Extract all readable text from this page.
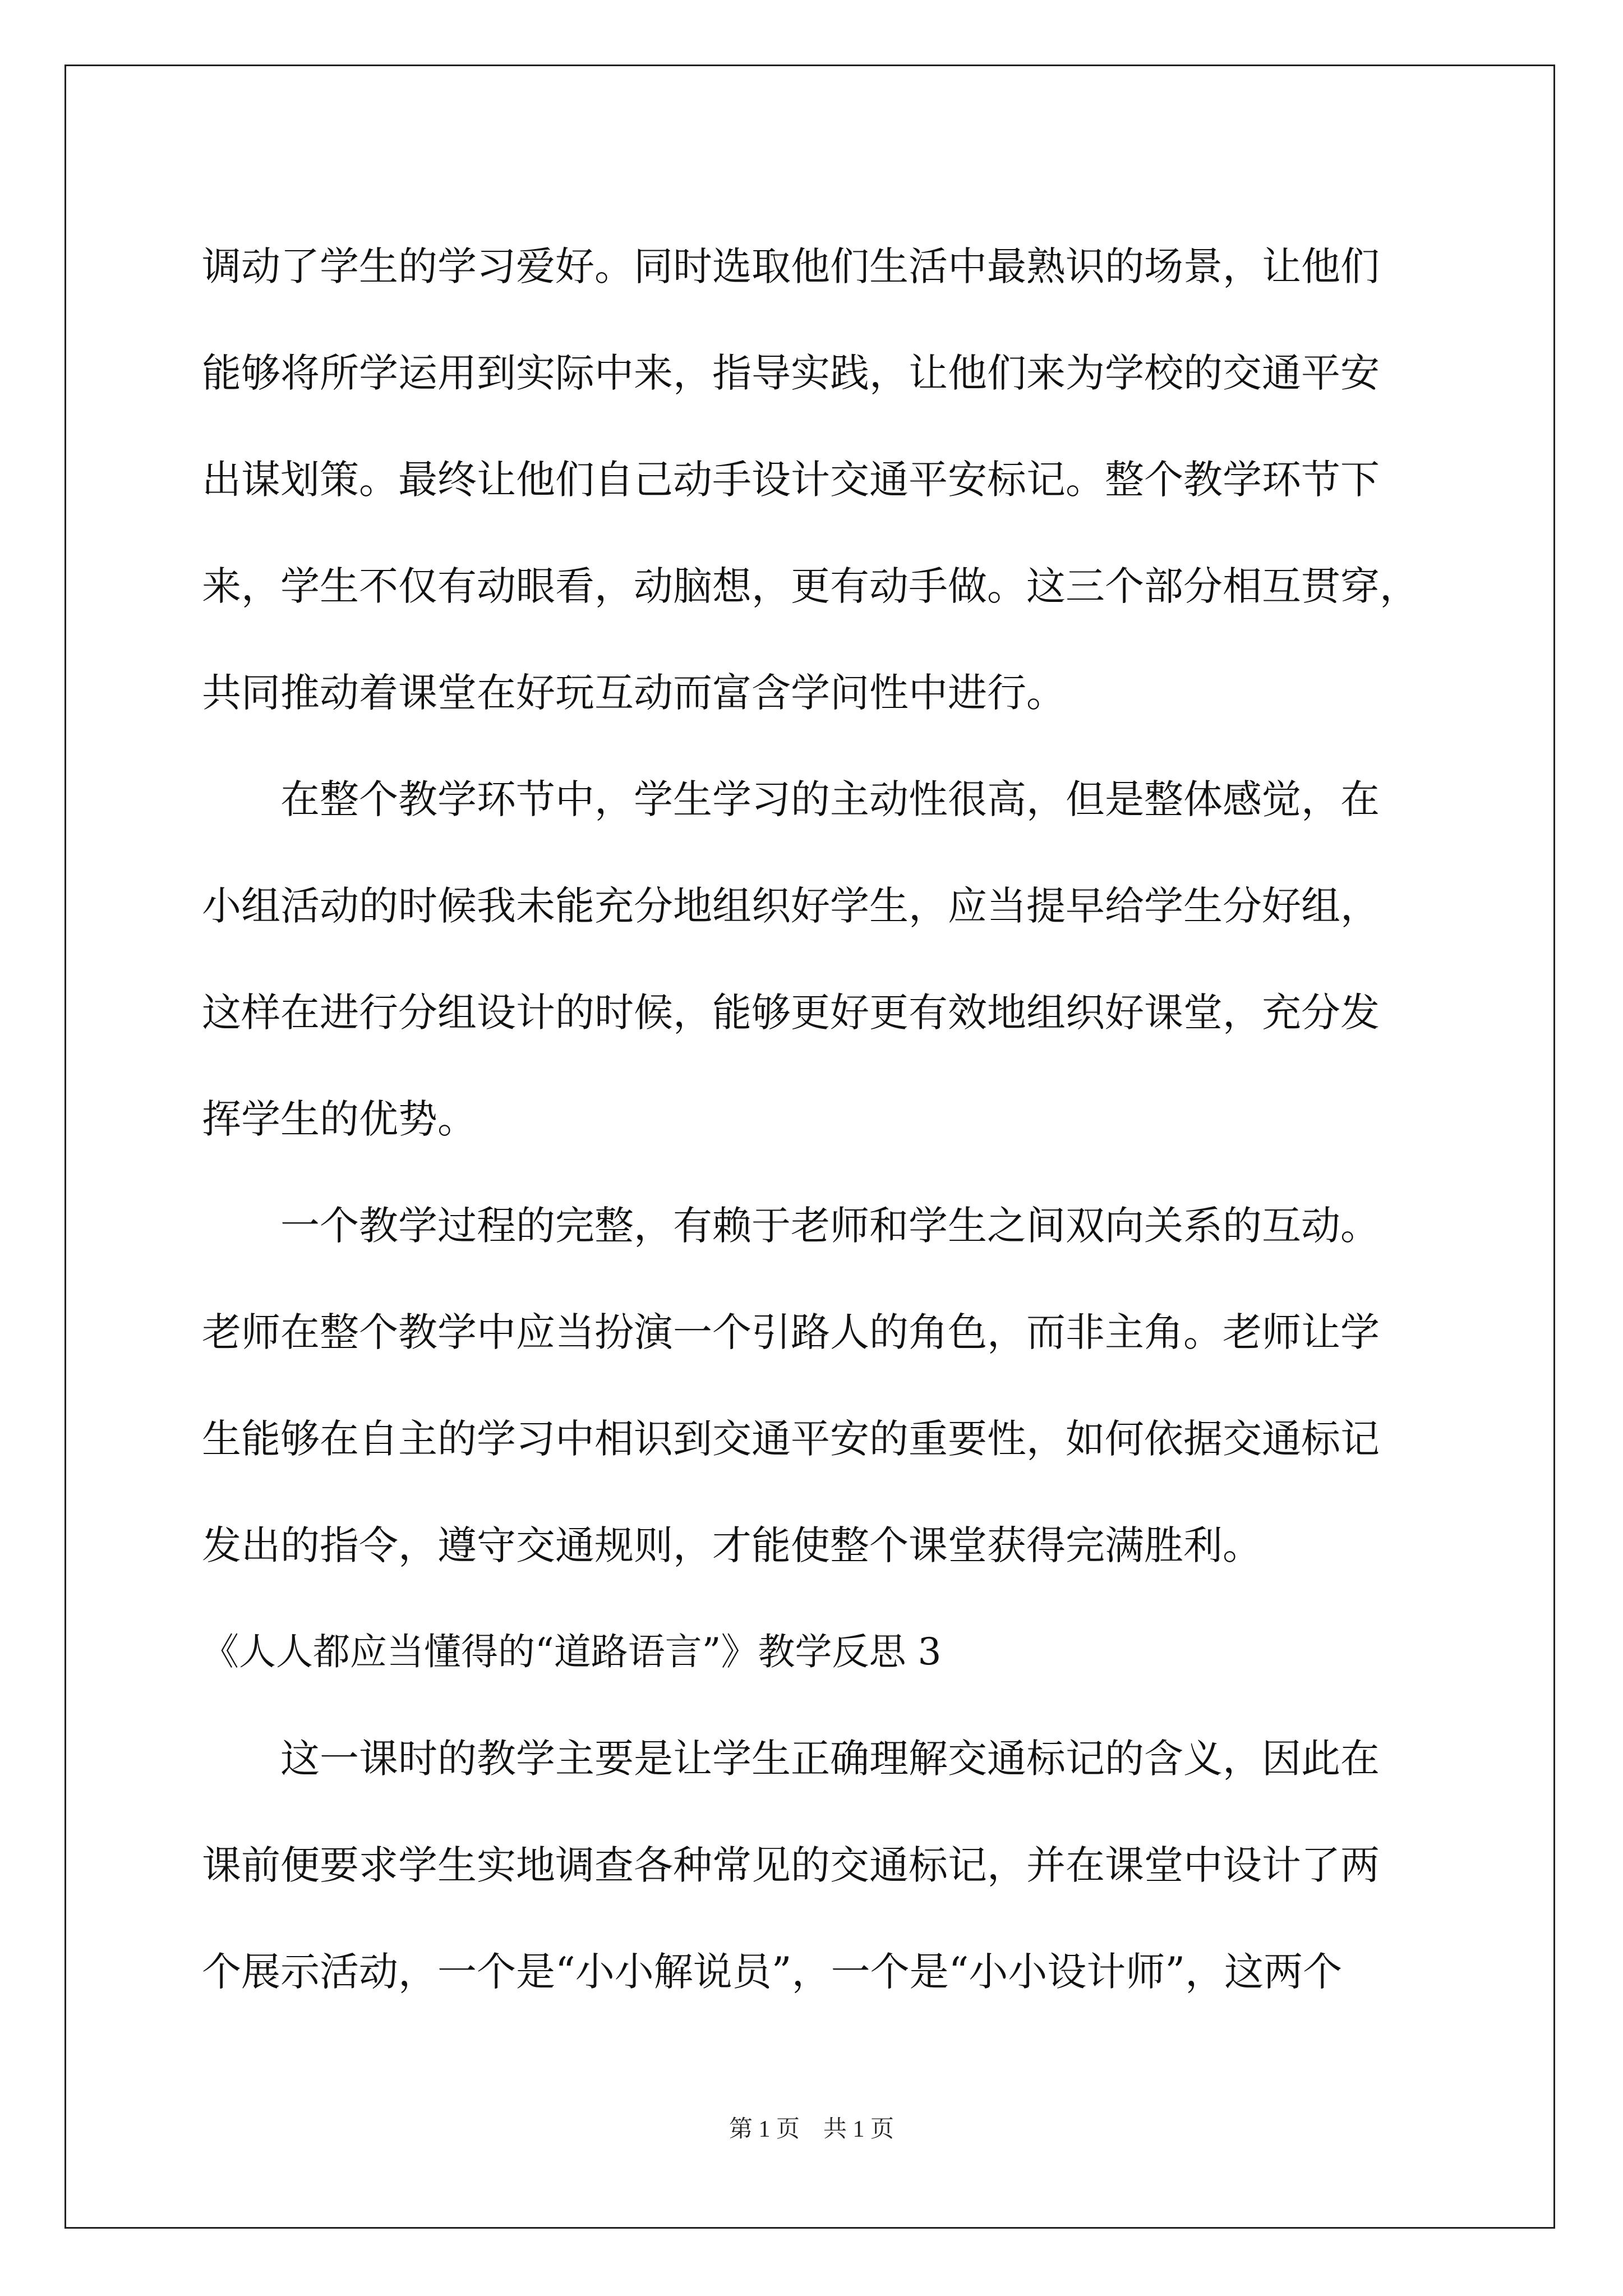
调动了学生的学习爱好。同时选取他们生活中最熟识的场景，让他们
能够将所学运用到实际中来，指导实践，让他们来为学校的交通平安
出谋划策。最终让他们自己动手设计交通平安标记。整个教学环节下
来，学生不仅有动眼看，动脑想，更有动手做。这三个部分相互贯穿，
共同推动着课堂在好玩互动而富含学问性中进行。
在整个教学环节中，学生学习的主动性很高，但是整体感觉，在
小组活动的时候我未能充分地组织好学生，应当提早给学生分好组，
这样在进行分组设计的时候，能够更好更有效地组织好课堂，充分发
挥学生的优势。
一个教学过程的完整，有赖于老师和学生之间双向关系的互动。
老师在整个教学中应当扮演一个引路人的角色，而非主角。老师让学
生能够在自主的学习中相识到交通平安的重要性，如何依据交通标记
发出的指令，遵守交通规则，才能使整个课堂获得完满胜利。
《人人都应当懂得的“道路语言”》教学反思 3
这一课时的教学主要是让学生正确理解交通标记的含义，因此在
课前便要求学生实地调查各种常见的交通标记，并在课堂中设计了两
个展示活动，一个是“小小解说员”，一个是“小小设计师”，这两个
第 1 页　共 1 页
